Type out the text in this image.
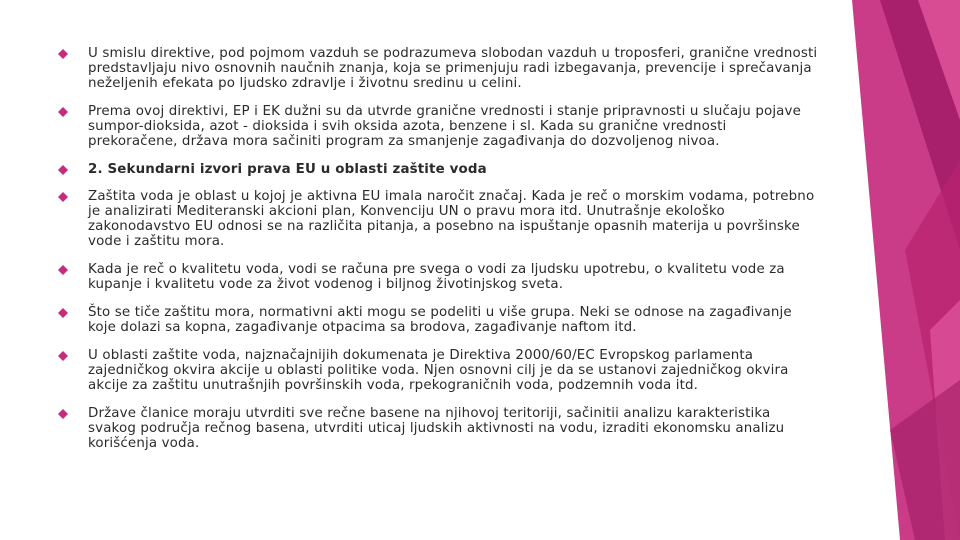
U smislu direktive, pod pojmom vazduh se podrazumeva slobodan vazduh u troposferi, granične vrednosti predstavljaju nivo osnovnih naučnih znanja, koja se primenjuju radi izbegavanja, prevencije i sprečavanja neželjenih efekata po ljudsko zdravlje i životnu sredinu u celini.
Prema ovoj direktivi, EP i EK dužni su da utvrde granične vrednosti i stanje pripravnosti u slučaju pojave sumpor-dioksida, azot - dioksida i svih oksida azota, benzene i sl. Kada su granične vrednosti prekoračene, država mora sačiniti program za smanjenje zagađivanja do dozvoljenog nivoa.
2. Sekundarni izvori prava EU u oblasti zaštite voda
Zaštita voda je oblast u kojoj je aktivna EU imala naročit značaj. Kada je reč o morskim vodama, potrebno je analizirati Mediteranski akcioni plan, Konvenciju UN o pravu mora itd. Unutrašnje ekološko zakonodavstvo EU odnosi se na različita pitanja, a posebno na ispuštanje opasnih materija u površinske vode i zaštitu mora.
Kada je reč o kvalitetu voda, vodi se računa pre svega o vodi za ljudsku upotrebu, o kvalitetu vode za kupanje i kvalitetu vode za život vodenog i biljnog životinjskog sveta.
Što se tiče zaštitu mora, normativni akti mogu se podeliti u više grupa. Neki se odnose na zagađivanje koje dolazi sa kopna, zagađivanje otpacima sa brodova, zagađivanje naftom itd.
U oblasti zaštite voda, najznačajnijih dokumenata je Direktiva 2000/60/EC Evropskog parlamenta zajedničkog okvira akcije u oblasti politike voda. Njen osnovni cilj je da se ustanovi zajedničkog okvira akcije za zaštitu unutrašnjih površinskih voda, rpekograničnih voda, podzemnih voda itd.
Države članice moraju utvrditi sve rečne basene na njihovoj teritoriji, sačinitii analizu karakteristika svakog područja rečnog basena, utvrditi uticaj ljudskih aktivnosti na vodu, izraditi ekonomsku analizu korišćenja voda.
